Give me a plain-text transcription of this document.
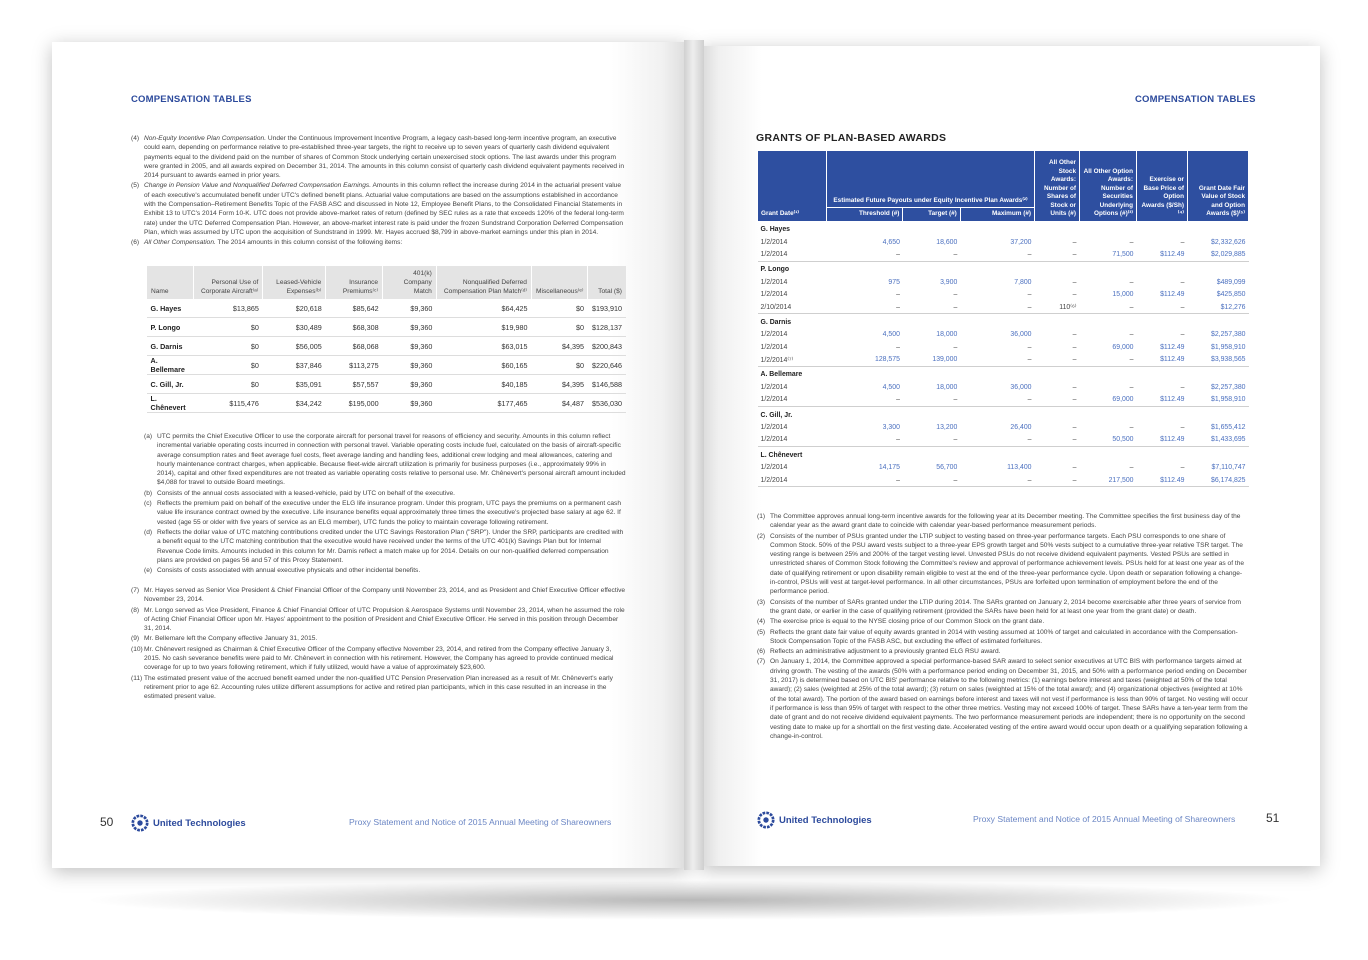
COMPENSATION TABLES
(4) Non-Equity Incentive Plan Compensation. Under the Continuous Improvement Incentive Program, a legacy cash-based long-term incentive program, an executive could earn, depending on performance relative to pre-established three-year targets, the right to receive up to seven years of quarterly cash dividend equivalent payments equal to the dividend paid on the number of shares of Common Stock underlying certain unexercised stock options. The last awards under this program were granted in 2005, and all awards expired on December 31, 2014. The amounts in this column consist of quarterly cash dividend equivalent payments received in 2014 pursuant to awards earned in prior years.
(5) Change in Pension Value and Nonqualified Deferred Compensation Earnings. Amounts in this column reflect the increase during 2014 in the actuarial present value of each executive's accumulated benefit under UTC's defined benefit plans. Actuarial value computations are based on the assumptions established in accordance with the Compensation–Retirement Benefits Topic of the FASB ASC and discussed in Note 12, Employee Benefit Plans, to the Consolidated Financial Statements in Exhibit 13 to UTC's 2014 Form 10-K. UTC does not provide above-market rates of return (defined by SEC rules as a rate that exceeds 120% of the federal long-term rate) under the UTC Deferred Compensation Plan. However, an above-market interest rate is paid under the frozen Sundstrand Corporation Deferred Compensation Plan, which was assumed by UTC upon the acquisition of Sundstrand in 1999. Mr. Hayes accrued $8,799 in above-market earnings under this plan in 2014.
(6) All Other Compensation. The 2014 amounts in this column consist of the following items:
Name	Personal Use of Corporate Aircraft⁽ᵃ⁾	Leased-Vehicle Expenses⁽ᵇ⁾	Insurance Premiums⁽ᶜ⁾	401(k) Company Match	Nonqualified Deferred Compensation Plan Match⁽ᵈ⁾	Miscellaneous⁽ᵉ⁾	Total ($)
G. Hayes	$13,865	$20,618	$85,642	$9,360	$64,425	$0	$193,910
P. Longo	$0	$30,489	$68,308	$9,360	$19,980	$0	$128,137
G. Darnis	$0	$56,005	$68,068	$9,360	$63,015	$4,395	$200,843
A. Bellemare	$0	$37,846	$113,275	$9,360	$60,165	$0	$220,646
C. Gill, Jr.	$0	$35,091	$57,557	$9,360	$40,185	$4,395	$146,588
L. Chênevert	$115,476	$34,242	$195,000	$9,360	$177,465	$4,487	$536,030
(a) UTC permits the Chief Executive Officer to use the corporate aircraft for personal travel for reasons of efficiency and security. Amounts in this column reflect incremental variable operating costs incurred in connection with personal travel. Variable operating costs include fuel, calculated on the basis of aircraft-specific average consumption rates and fleet average fuel costs, fleet average landing and handling fees, additional crew lodging and meal allowances, catering and hourly maintenance contract charges, when applicable. Because fleet-wide aircraft utilization is primarily for business purposes (i.e., approximately 99% in 2014), capital and other fixed expenditures are not treated as variable operating costs relative to personal use. Mr. Chênevert's personal aircraft amount included $4,088 for travel to outside Board meetings.
(b) Consists of the annual costs associated with a leased-vehicle, paid by UTC on behalf of the executive.
(c) Reflects the premium paid on behalf of the executive under the ELG life insurance program. Under this program, UTC pays the premiums on a permanent cash value life insurance contract owned by the executive. Life insurance benefits equal approximately three times the executive's projected base salary at age 62. If vested (age 55 or older with five years of service as an ELG member), UTC funds the policy to maintain coverage following retirement.
(d) Reflects the dollar value of UTC matching contributions credited under the UTC Savings Restoration Plan ("SRP"). Under the SRP, participants are credited with a benefit equal to the UTC matching contribution that the executive would have received under the terms of the UTC 401(k) Savings Plan but for Internal Revenue Code limits. Amounts included in this column for Mr. Darnis reflect a match make up for 2014. Details on our non-qualified deferred compensation plans are provided on pages 56 and 57 of this Proxy Statement.
(e) Consists of costs associated with annual executive physicals and other incidental benefits.
(7) Mr. Hayes served as Senior Vice President & Chief Financial Officer of the Company until November 23, 2014, and as President and Chief Executive Officer effective November 23, 2014.
(8) Mr. Longo served as Vice President, Finance & Chief Financial Officer of UTC Propulsion & Aerospace Systems until November 23, 2014, when he assumed the role of Acting Chief Financial Officer upon Mr. Hayes' appointment to the position of President and Chief Executive Officer. He served in this position through December 31, 2014.
(9) Mr. Bellemare left the Company effective January 31, 2015.
(10) Mr. Chênevert resigned as Chairman & Chief Executive Officer of the Company effective November 23, 2014, and retired from the Company effective January 3, 2015. No cash severance benefits were paid to Mr. Chênevert in connection with his retirement. However, the Company has agreed to provide continued medical coverage for up to two years following retirement, which if fully utilized, would have a value of approximately $23,600.
(11) The estimated present value of the accrued benefit earned under the non-qualified UTC Pension Preservation Plan increased as a result of Mr. Chênevert's early retirement prior to age 62. Accounting rules utilize different assumptions for active and retired plan participants, which in this case resulted in an increase in the estimated present value.
50	United Technologies	Proxy Statement and Notice of 2015 Annual Meeting of Shareowners
COMPENSATION TABLES
GRANTS OF PLAN-BASED AWARDS
Grant Date⁽¹⁾	Estimated Future Payouts under Equity Incentive Plan Awards⁽²⁾			All Other Stock Awards: Number of Shares of Stock or Units (#)	All Other Option Awards: Number of Securities Underlying Options (#)⁽³⁾	Exercise or Base Price of Option Awards ($/Sh)⁽⁴⁾	Grant Date Fair Value of Stock and Option Awards ($)⁽⁵⁾
	Threshold (#)	Target (#)	Maximum (#)				
G. Hayes							
1/2/2014	4,650	18,600	37,200	–	–	–	$2,332,626
1/2/2014	–	–	–	–	71,500	$112.49	$2,029,885
P. Longo							
1/2/2014	975	3,900	7,800	–	–	–	$489,099
1/2/2014	–	–	–	–	15,000	$112.49	$425,850
2/10/2014	–	–	–	110⁽⁶⁾	–	–	$12,276
G. Darnis							
1/2/2014	4,500	18,000	36,000	–	–	–	$2,257,380
1/2/2014	–	–	–	–	69,000	$112.49	$1,958,910
1/2/2014⁽⁷⁾	128,575	139,000	–	–	–	$112.49	$3,938,565
A. Bellemare							
1/2/2014	4,500	18,000	36,000	–	–	–	$2,257,380
1/2/2014	–	–	–	–	69,000	$112.49	$1,958,910
C. Gill, Jr.							
1/2/2014	3,300	13,200	26,400	–	–	–	$1,655,412
1/2/2014	–	–	–	–	50,500	$112.49	$1,433,695
L. Chênevert							
1/2/2014	14,175	56,700	113,400	–	–	–	$7,110,747
1/2/2014	–	–	–	–	217,500	$112.49	$6,174,825
(1) The Committee approves annual long-term incentive awards for the following year at its December meeting. The Committee specifies the first business day of the calendar year as the award grant date to coincide with calendar year-based performance measurement periods.
(2) Consists of the number of PSUs granted under the LTIP subject to vesting based on three-year performance targets. Each PSU corresponds to one share of Common Stock. 50% of the PSU award vests subject to a three-year EPS growth target and 50% vests subject to a cumulative three-year relative TSR target. The vesting range is between 25% and 200% of the target vesting level. Unvested PSUs do not receive dividend equivalent payments. Vested PSUs are settled in unrestricted shares of Common Stock following the Committee's review and approval of performance achievement levels. PSUs held for at least one year as of the date of qualifying retirement or upon disability remain eligible to vest at the end of the three-year performance cycle. Upon death or separation following a change-in-control, PSUs will vest at target-level performance. In all other circumstances, PSUs are forfeited upon termination of employment before the end of the performance period.
(3) Consists of the number of SARs granted under the LTIP during 2014. The SARs granted on January 2, 2014 become exercisable after three years of service from the grant date, or earlier in the case of qualifying retirement (provided the SARs have been held for at least one year from the grant date) or death.
(4) The exercise price is equal to the NYSE closing price of our Common Stock on the grant date.
(5) Reflects the grant date fair value of equity awards granted in 2014 with vesting assumed at 100% of target and calculated in accordance with the Compensation-Stock Compensation Topic of the FASB ASC, but excluding the effect of estimated forfeitures.
(6) Reflects an administrative adjustment to a previously granted ELG RSU award.
(7) On January 1, 2014, the Committee approved a special performance-based SAR award to select senior executives at UTC BIS with performance targets aimed at driving growth. The vesting of the awards (50% with a performance period ending on December 31, 2015, and 50% with a performance period ending on December 31, 2017) is determined based on UTC BIS' performance relative to the following metrics: (1) earnings before interest and taxes (weighted at 50% of the total award); (2) sales (weighted at 25% of the total award); (3) return on sales (weighted at 15% of the total award); and (4) organizational objectives (weighted at 10% of the total award). The portion of the award based on earnings before interest and taxes will not vest if performance is less than 90% of target. No vesting will occur if performance is less than 95% of target with respect to the other three metrics. Vesting may not exceed 100% of target. These SARs have a ten-year term from the date of grant and do not receive dividend equivalent payments. The two performance measurement periods are independent; there is no opportunity on the second vesting date to make up for a shortfall on the first vesting date. Accelerated vesting of the entire award would occur upon death or a qualifying separation following a change-in-control.
United Technologies	Proxy Statement and Notice of 2015 Annual Meeting of Shareowners	51
